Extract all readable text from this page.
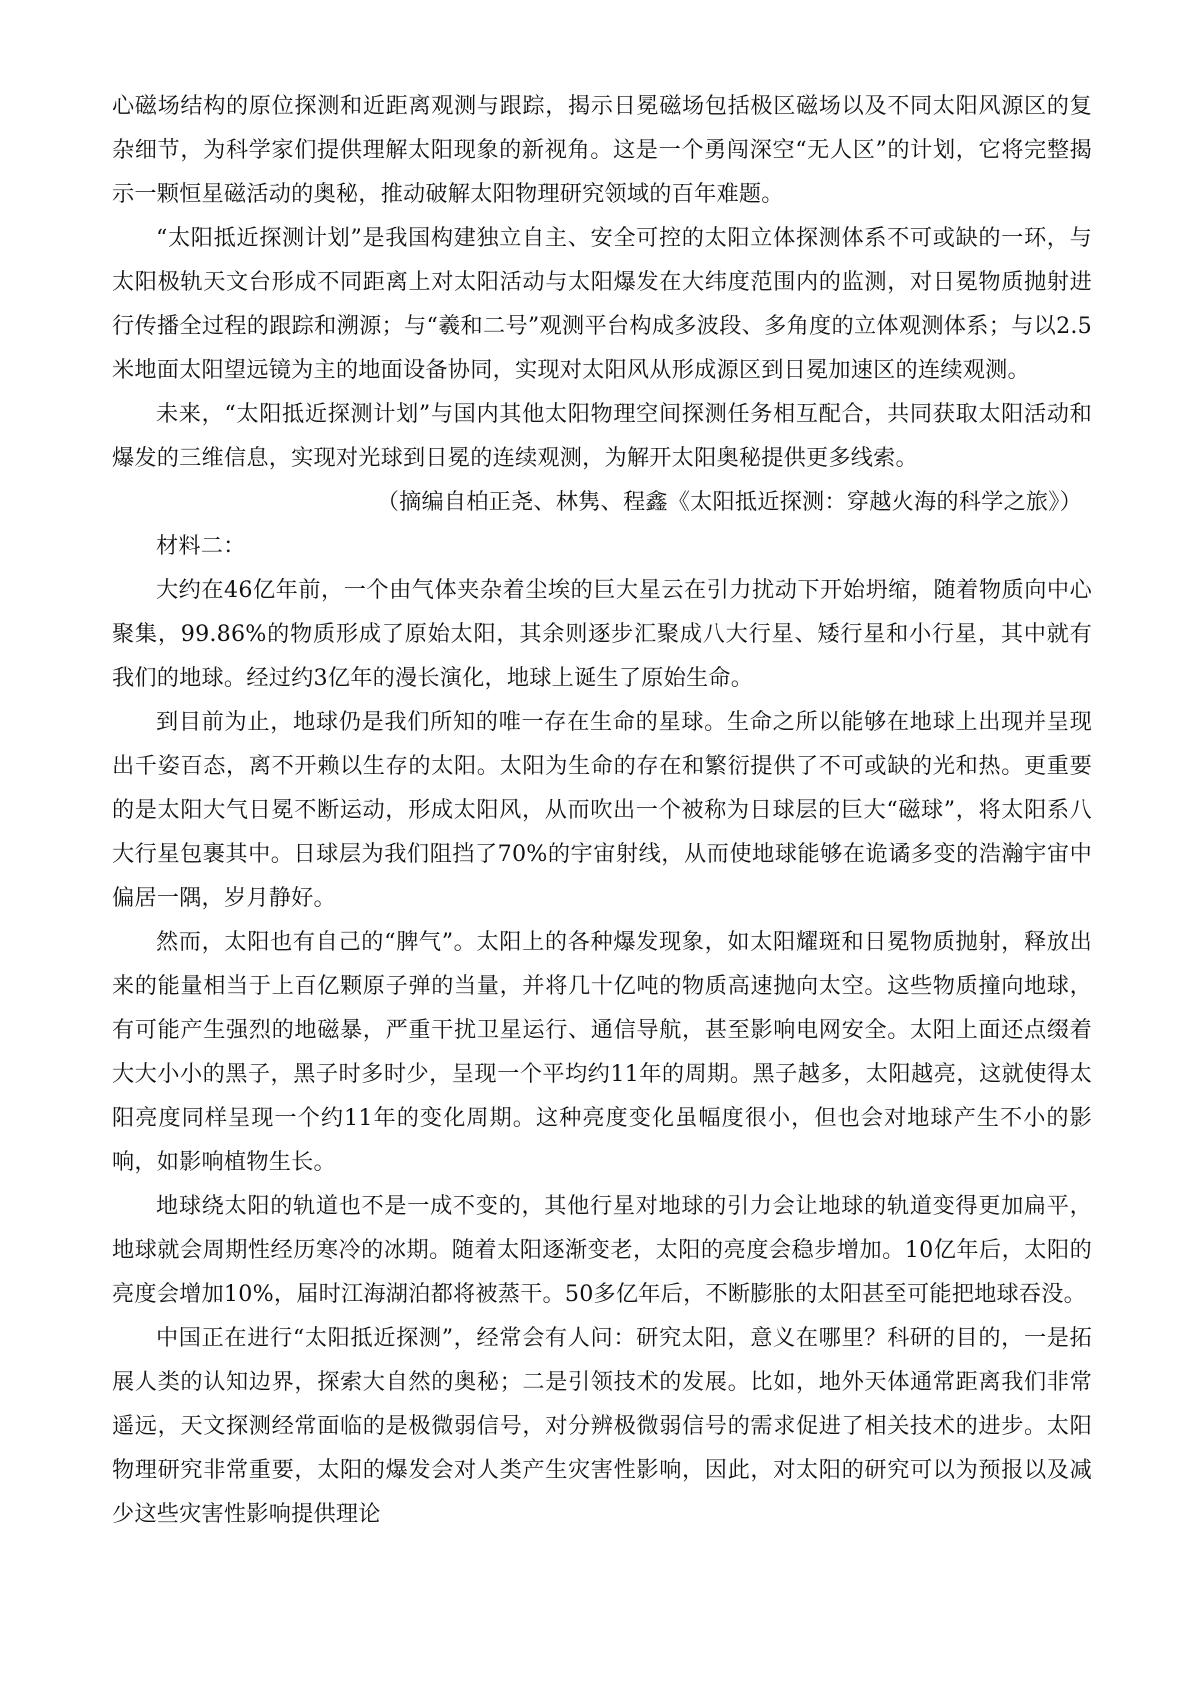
心磁场结构的原位探测和近距离观测与跟踪，揭示日冕磁场包括极区磁场以及不同太阳风源区的复杂细节，为科学家们提供理解太阳现象的新视角。这是一个勇闯深空“无人区”的计划，它将完整揭示一颗恒星磁活动的奥秘，推动破解太阳物理研究领域的百年难题。

“太阳抵近探测计划”是我国构建独立自主、安全可控的太阳立体探测体系不可或缺的一环，与太阳极轨天文台形成不同距离上对太阳活动与太阳爆发在大纬度范围内的监测，对日冕物质抛射进行传播全过程的跟踪和溯源；与“羲和二号”观测平台构成多波段、多角度的立体观测体系；与以2.5米地面太阳望远镜为主的地面设备协同，实现对太阳风从形成源区到日冕加速区的连续观测。

未来，“太阳抵近探测计划”与国内其他太阳物理空间探测任务相互配合，共同获取太阳活动和爆发的三维信息，实现对光球到日冕的连续观测，为解开太阳奥秘提供更多线索。

（摘编自柏正尧、林隽、程鑫《太阳抵近探测：穿越火海的科学之旅》）

材料二：

大约在46亿年前，一个由气体夹杂着尘埃的巨大星云在引力扰动下开始坍缩，随着物质向中心聚集，99.86%的物质形成了原始太阳，其余则逐步汇聚成八大行星、矮行星和小行星，其中就有我们的地球。经过约3亿年的漫长演化，地球上诞生了原始生命。

到目前为止，地球仍是我们所知的唯一存在生命的星球。生命之所以能够在地球上出现并呈现出千姿百态，离不开赖以生存的太阳。太阳为生命的存在和繁衍提供了不可或缺的光和热。更重要的是太阳大气日冕不断运动，形成太阳风，从而吹出一个被称为日球层的巨大“磁球”，将太阳系八大行星包裹其中。日球层为我们阻挡了70%的宇宙射线，从而使地球能够在诡谲多变的浩瀚宇宙中偏居一隅，岁月静好。

然而，太阳也有自己的“脾气”。太阳上的各种爆发现象，如太阳耀斑和日冕物质抛射，释放出来的能量相当于上百亿颗原子弹的当量，并将几十亿吨的物质高速抛向太空。这些物质撞向地球，有可能产生强烈的地磁暴，严重干扰卫星运行、通信导航，甚至影响电网安全。太阳上面还点缀着大大小小的黑子，黑子时多时少，呈现一个平均约11年的周期。黑子越多，太阳越亮，这就使得太阳亮度同样呈现一个约11年的变化周期。这种亮度变化虽幅度很小，但也会对地球产生不小的影响，如影响植物生长。

地球绕太阳的轨道也不是一成不变的，其他行星对地球的引力会让地球的轨道变得更加扁平，地球就会周期性经历寒冷的冰期。随着太阳逐渐变老，太阳的亮度会稳步增加。10亿年后，太阳的亮度会增加10%，届时江海湖泊都将被蒸干。50多亿年后，不断膨胀的太阳甚至可能把地球吞没。

中国正在进行“太阳抵近探测”，经常会有人问：研究太阳，意义在哪里？科研的目的，一是拓展人类的认知边界，探索大自然的奥秘；二是引领技术的发展。比如，地外天体通常距离我们非常遥远，天文探测经常面临的是极微弱信号，对分辨极微弱信号的需求促进了相关技术的进步。太阳物理研究非常重要，太阳的爆发会对人类产生灾害性影响，因此，对太阳的研究可以为预报以及减少这些灾害性影响提供理论
